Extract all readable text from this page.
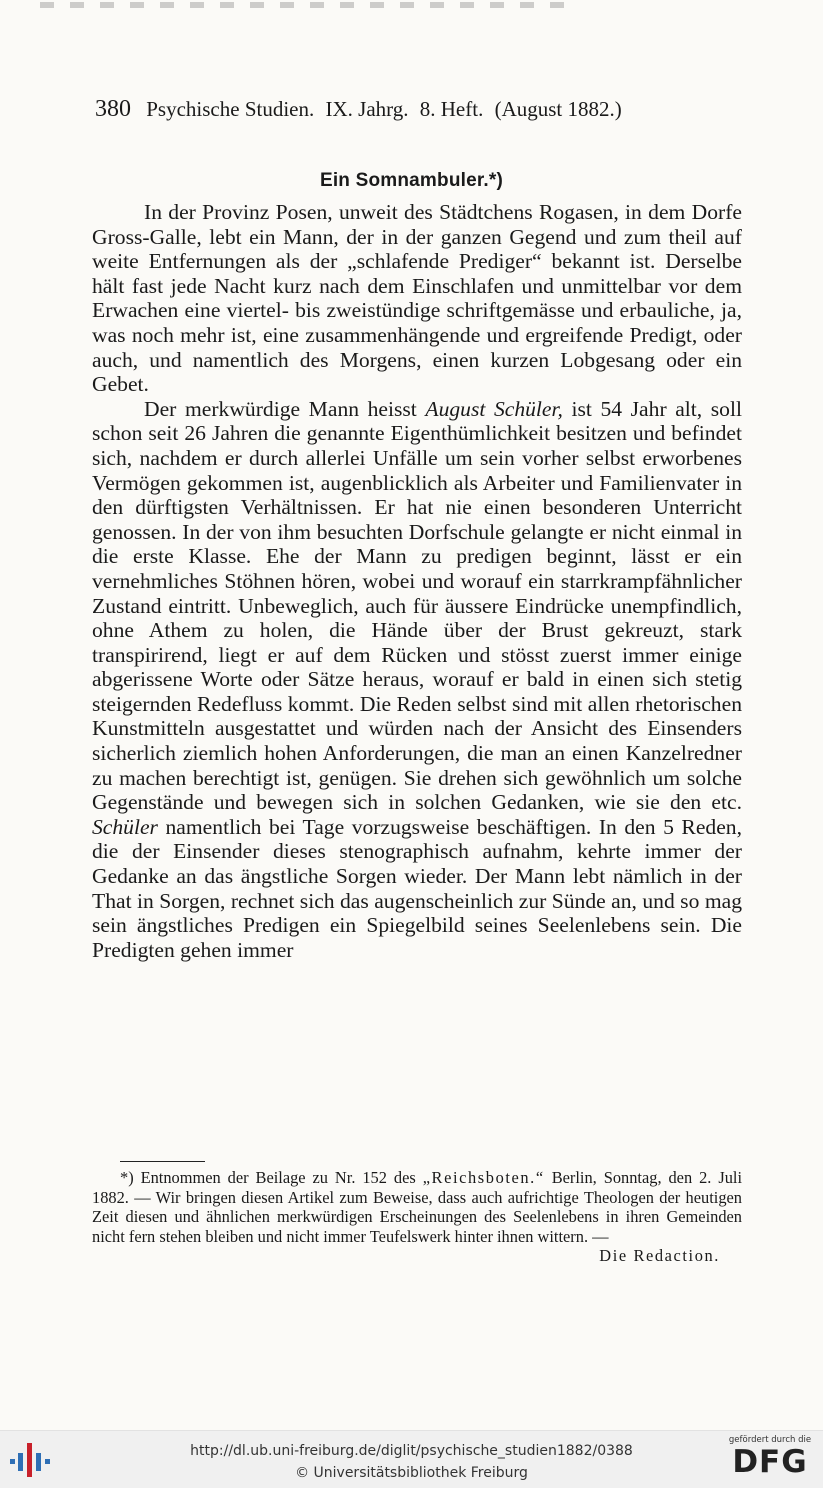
380 Psychische Studien. IX. Jahrg. 8. Heft. (August 1882.)
Ein Somnambuler.*)

In der Provinz Posen, unweit des Städtchens Rogasen, in dem Dorfe Gross-Galle, lebt ein Mann, der in der ganzen Gegend und zum theil auf weite Entfernungen als der „schlafende Prediger“ bekannt ist. Derselbe hält fast jede Nacht kurz nach dem Einschlafen und unmittelbar vor dem Erwachen eine viertel- bis zweistündige schriftgemässe und erbauliche, ja, was noch mehr ist, eine zusammenhängende und ergreifende Predigt, oder auch, und namentlich des Morgens, einen kurzen Lobgesang oder ein Gebet.

Der merkwürdige Mann heisst August Schüler, ist 54 Jahr alt, soll schon seit 26 Jahren die genannte Eigenthümlichkeit besitzen und befindet sich, nachdem er durch allerlei Unfälle um sein vorher selbst erworbenes Vermögen gekommen ist, augenblicklich als Arbeiter und Familienvater in den dürftigsten Verhältnissen. Er hat nie einen besonderen Unterricht genossen. In der von ihm besuchten Dorfschule gelangte er nicht einmal in die erste Klasse. Ehe der Mann zu predigen beginnt, lässt er ein vernehmliches Stöhnen hören, wobei und worauf ein starrkrampfähnlicher Zustand eintritt. Unbeweglich, auch für äussere Eindrücke unempfindlich, ohne Athem zu holen, die Hände über der Brust gekreuzt, stark transpirirend, liegt er auf dem Rücken und stösst zuerst immer einige abgerissene Worte oder Sätze heraus, worauf er bald in einen sich stetig steigernden Redefluss kommt. Die Reden selbst sind mit allen rhetorischen Kunstmitteln ausgestattet und würden nach der Ansicht des Einsenders sicherlich ziemlich hohen Anforderungen, die man an einen Kanzelredner zu machen berechtigt ist, genügen. Sie drehen sich gewöhnlich um solche Gegenstände und bewegen sich in solchen Gedanken, wie sie den etc. Schüler namentlich bei Tage vorzugsweise beschäftigen. In den 5 Reden, die der Einsender dieses stenographisch aufnahm, kehrte immer der Gedanke an das ängstliche Sorgen wieder. Der Mann lebt nämlich in der That in Sorgen, rechnet sich das augenscheinlich zur Sünde an, und so mag sein ängstliches Predigen ein Spiegelbild seines Seelenlebens sein. Die Predigten gehen immer

*) Entnommen der Beilage zu Nr. 152 des „Reichsboten.“ Berlin, Sonntag, den 2. Juli 1882. — Wir bringen diesen Artikel zum Beweise, dass auch aufrichtige Theologen der heutigen Zeit diesen und ähnlichen merkwürdigen Erscheinungen des Seelenlebens in ihren Gemeinden nicht fern stehen bleiben und nicht immer Teufelswerk hinter ihnen wittern. —
Die Redaction.

http://dl.ub.uni-freiburg.de/diglit/psychische_studien1882/0388
© Universitätsbibliothek Freiburg
gefördert durch die
DFG
